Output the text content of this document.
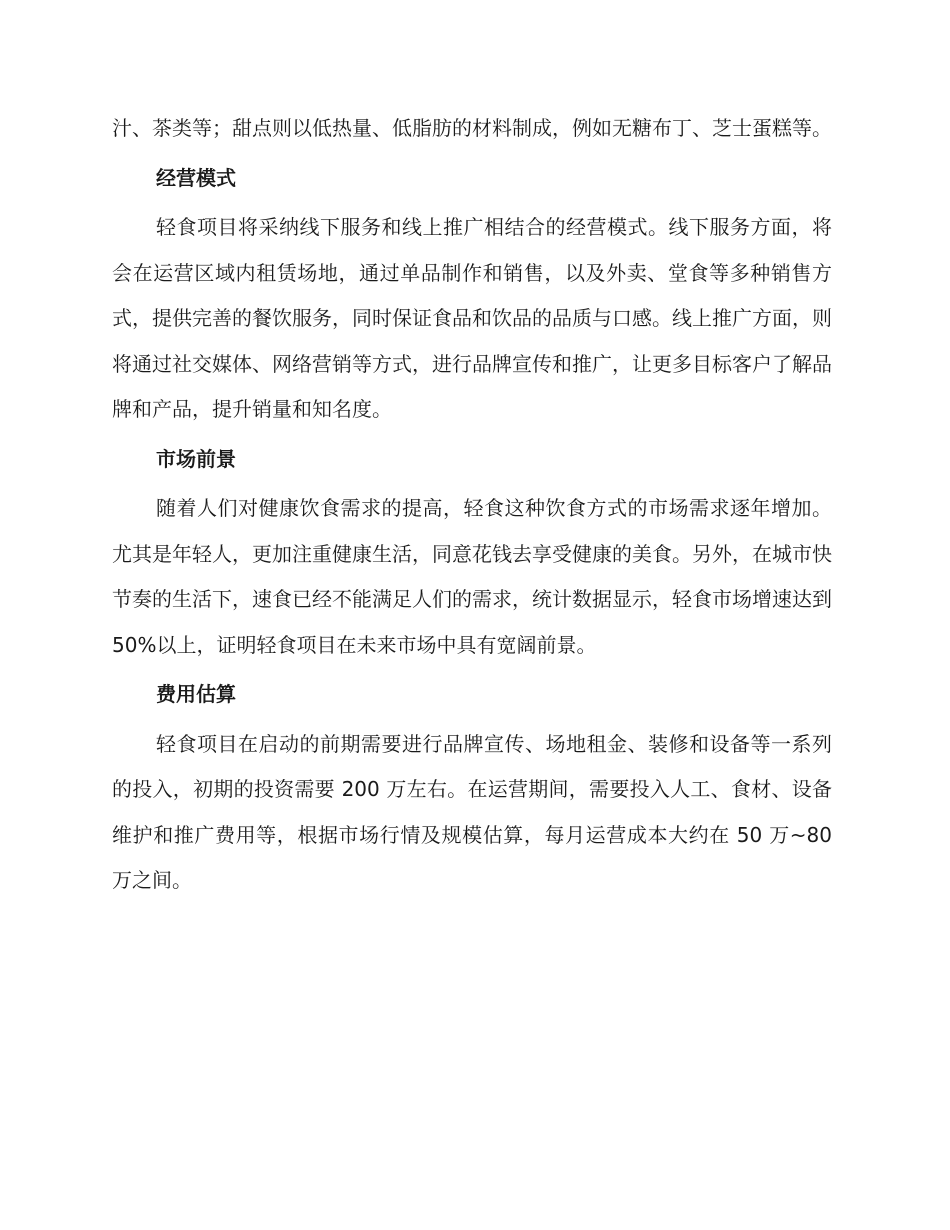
汁、茶类等；甜点则以低热量、低脂肪的材料制成，例如无糖布丁、芝士蛋糕等。

经营模式

轻食项目将采纳线下服务和线上推广相结合的经营模式。线下服务方面，将会在运营区域内租赁场地，通过单品制作和销售，以及外卖、堂食等多种销售方式，提供完善的餐饮服务，同时保证食品和饮品的品质与口感。线上推广方面，则将通过社交媒体、网络营销等方式，进行品牌宣传和推广，让更多目标客户了解品牌和产品，提升销量和知名度。

市场前景

随着人们对健康饮食需求的提高，轻食这种饮食方式的市场需求逐年增加。尤其是年轻人，更加注重健康生活，同意花钱去享受健康的美食。另外，在城市快节奏的生活下，速食已经不能满足人们的需求，统计数据显示，轻食市场增速达到 50%以上，证明轻食项目在未来市场中具有宽阔前景。

费用估算

轻食项目在启动的前期需要进行品牌宣传、场地租金、装修和设备等一系列的投入，初期的投资需要 200 万左右。在运营期间，需要投入人工、食材、设备维护和推广费用等，根据市场行情及规模估算，每月运营成本大约在 50 万~80 万之间。
